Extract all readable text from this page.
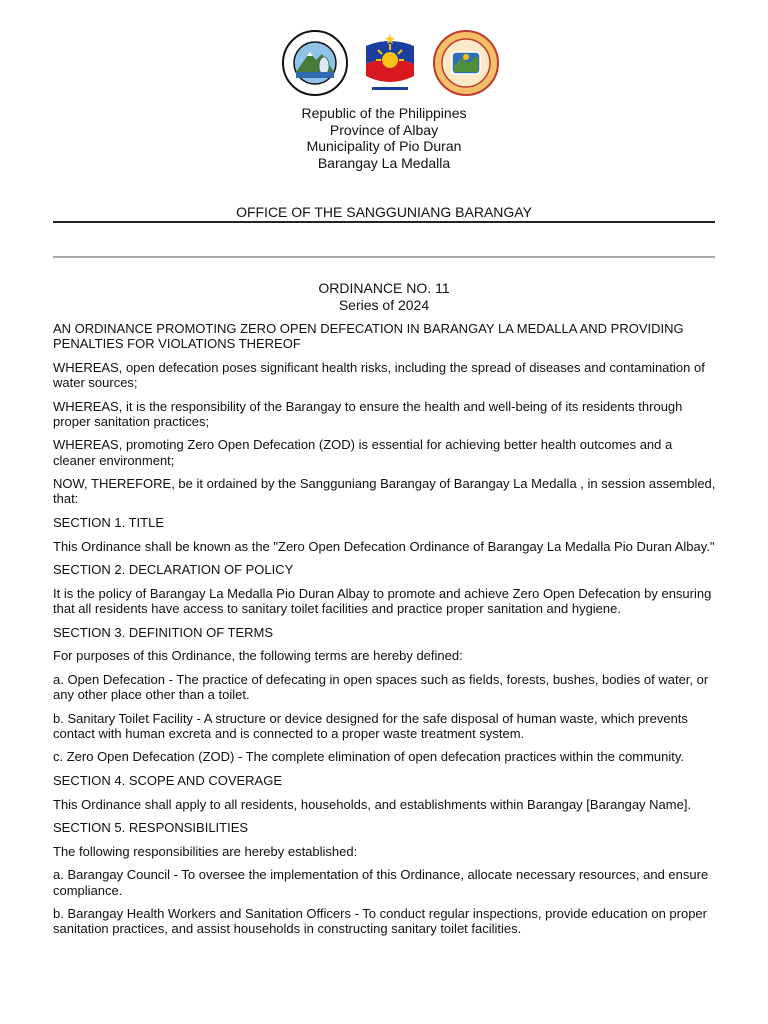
Republic of the Philippines
Province of Albay
Municipality of Pio Duran
Barangay La Medalla
OFFICE OF THE SANGGUNIANG BARANGAY
ORDINANCE NO. 11
Series of 2024

AN ORDINANCE PROMOTING ZERO OPEN DEFECATION IN BARANGAY LA MEDALLA AND PROVIDING PENALTIES FOR VIOLATIONS THEREOF

WHEREAS, open defecation poses significant health risks, including the spread of diseases and contamination of water sources;

WHEREAS, it is the responsibility of the Barangay to ensure the health and well-being of its residents through proper sanitation practices;

WHEREAS, promoting Zero Open Defecation (ZOD) is essential for achieving better health outcomes and a cleaner environment;

NOW, THEREFORE, be it ordained by the Sangguniang Barangay of Barangay La Medalla , in session assembled, that:

SECTION 1. TITLE

This Ordinance shall be known as the "Zero Open Defecation Ordinance of Barangay La Medalla Pio Duran Albay."

SECTION 2. DECLARATION OF POLICY

It is the policy of Barangay La Medalla Pio Duran Albay to promote and achieve Zero Open Defecation by ensuring that all residents have access to sanitary toilet facilities and practice proper sanitation and hygiene.

SECTION 3. DEFINITION OF TERMS

For purposes of this Ordinance, the following terms are hereby defined:

a. Open Defecation - The practice of defecating in open spaces such as fields, forests, bushes, bodies of water, or any other place other than a toilet.

b. Sanitary Toilet Facility - A structure or device designed for the safe disposal of human waste, which prevents contact with human excreta and is connected to a proper waste treatment system.

c. Zero Open Defecation (ZOD) - The complete elimination of open defecation practices within the community.

SECTION 4. SCOPE AND COVERAGE

This Ordinance shall apply to all residents, households, and establishments within Barangay [Barangay Name].

SECTION 5. RESPONSIBILITIES

The following responsibilities are hereby established:

a. Barangay Council - To oversee the implementation of this Ordinance, allocate necessary resources, and ensure compliance.

b. Barangay Health Workers and Sanitation Officers - To conduct regular inspections, provide education on proper sanitation practices, and assist households in constructing sanitary toilet facilities.
